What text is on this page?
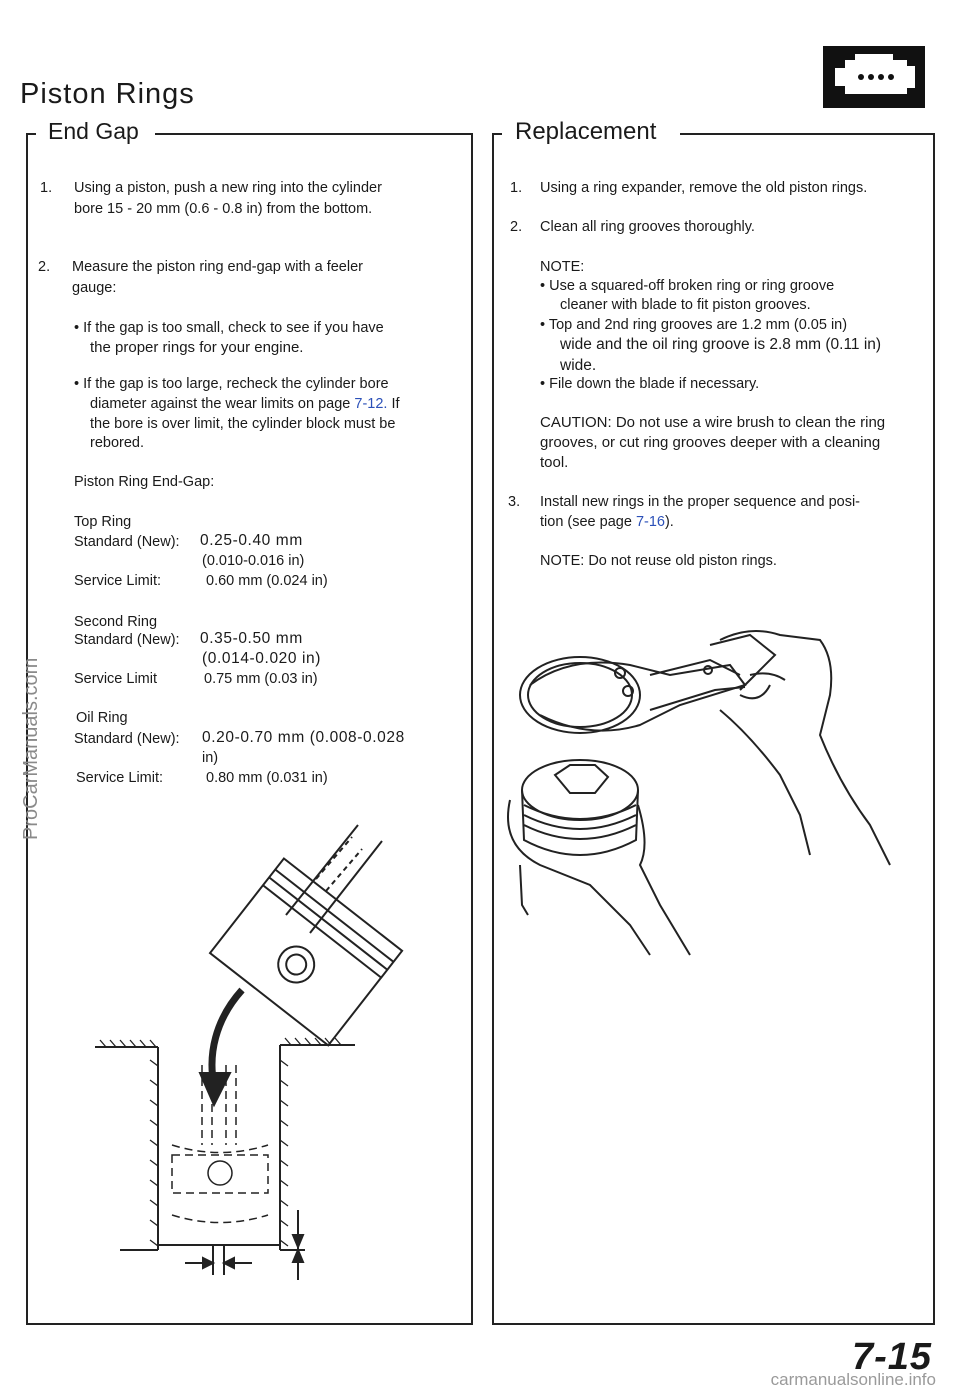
Piston Rings
End Gap
1. Using a piston, push a new ring into the cylinder
bore 15 - 20 mm (0.6 - 0.8 in) from the bottom.
2. Measure the piston ring end-gap with a feeler
gauge:
• If the gap is too small, check to see if you have
the proper rings for your engine.
• If the gap is too large, recheck the cylinder bore
diameter against the wear limits on page 7-12. If
the bore is over limit, the cylinder block must be
rebored.
Piston Ring End-Gap:
Top Ring
Standard (New): 0.25-0.40 mm
(0.010-0.016 in)
Service Limit:	0.60 mm (0.024 in)
Second Ring
Standard (New): 0.35-0.50 mm
(0.014-0.020 in)
Service Limit	0.75 mm (0.03 in)
Oil Ring
Standard (New): 0.20-0.70 mm (0.008-0.028
in)
Service Limit:	0.80 mm (0.031 in)
Replacement
1. Using a ring expander, remove the old piston rings.
2. Clean all ring grooves thoroughly.
NOTE:
• Use a squared-off broken ring or ring groove
cleaner with blade to fit piston grooves.
• Top and 2nd ring grooves are 1.2 mm (0.05 in)
wide and the oil ring groove is 2.8 mm (0.11 in)
wide.
• File down the blade if necessary.
CAUTION: Do not use a wire brush to clean the ring
grooves, or cut ring grooves deeper with a cleaning
tool.
3. Install new rings in the proper sequence and posi-
tion (see page 7-16).
NOTE: Do not reuse old piston rings.
7-15
ProCarManuals.com
carmanualsonline.info
